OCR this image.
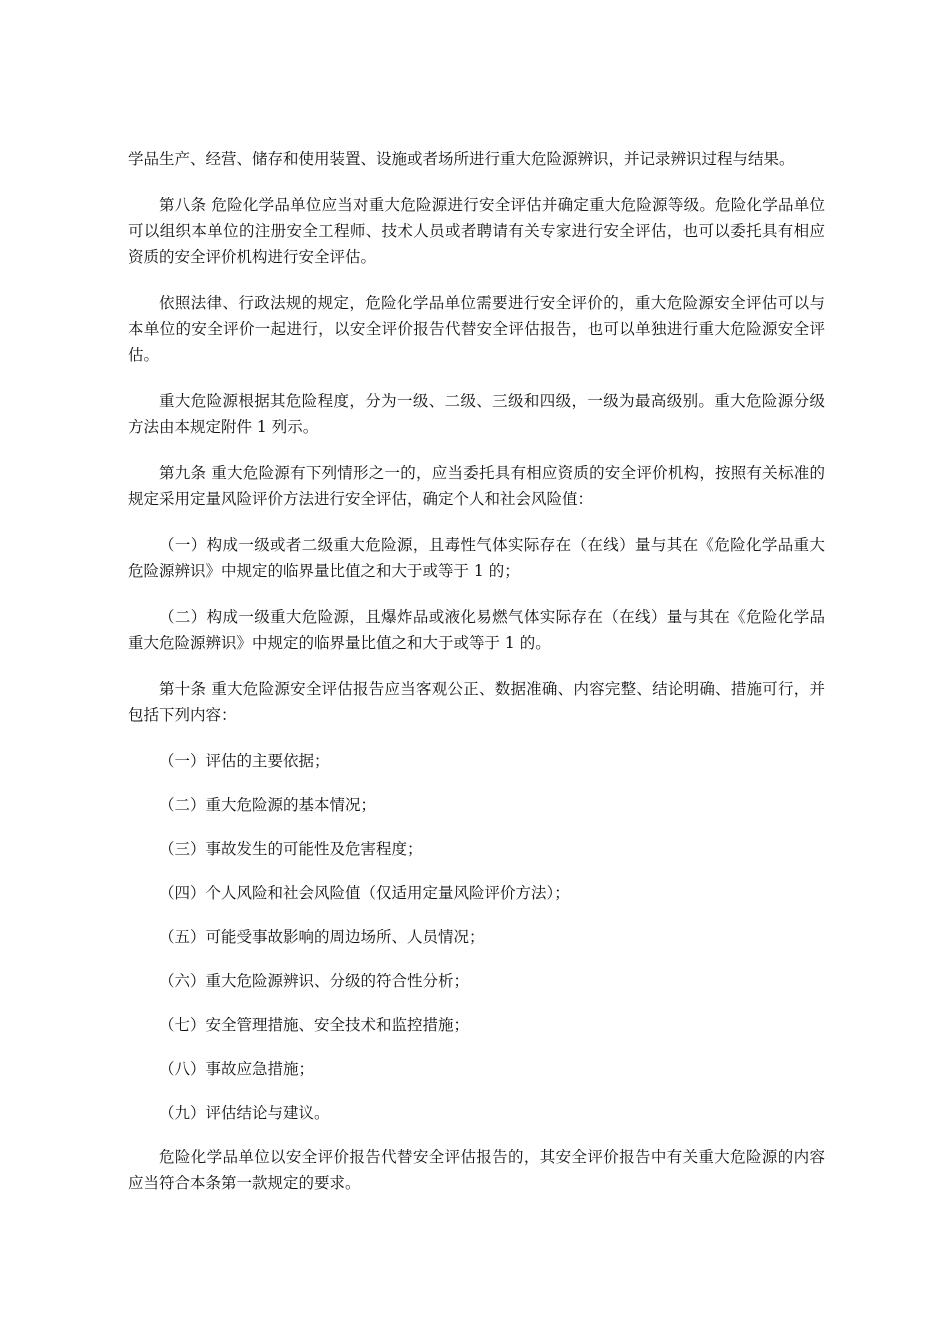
学品生产、经营、储存和使用装置、设施或者场所进行重大危险源辨识，并记录辨识过程与结果。

第八条 危险化学品单位应当对重大危险源进行安全评估并确定重大危险源等级。危险化学品单位可以组织本单位的注册安全工程师、技术人员或者聘请有关专家进行安全评估，也可以委托具有相应资质的安全评价机构进行安全评估。

依照法律、行政法规的规定，危险化学品单位需要进行安全评价的，重大危险源安全评估可以与本单位的安全评价一起进行，以安全评价报告代替安全评估报告，也可以单独进行重大危险源安全评估。

重大危险源根据其危险程度，分为一级、二级、三级和四级，一级为最高级别。重大危险源分级方法由本规定附件 1 列示。

第九条 重大危险源有下列情形之一的，应当委托具有相应资质的安全评价机构，按照有关标准的规定采用定量风险评价方法进行安全评估，确定个人和社会风险值：

（一）构成一级或者二级重大危险源，且毒性气体实际存在（在线）量与其在《危险化学品重大危险源辨识》中规定的临界量比值之和大于或等于 1 的；

（二）构成一级重大危险源，且爆炸品或液化易燃气体实际存在（在线）量与其在《危险化学品重大危险源辨识》中规定的临界量比值之和大于或等于 1 的。

第十条 重大危险源安全评估报告应当客观公正、数据准确、内容完整、结论明确、措施可行，并包括下列内容：

（一）评估的主要依据；

（二）重大危险源的基本情况；

（三）事故发生的可能性及危害程度；

（四）个人风险和社会风险值（仅适用定量风险评价方法）；

（五）可能受事故影响的周边场所、人员情况；

（六）重大危险源辨识、分级的符合性分析；

（七）安全管理措施、安全技术和监控措施；

（八）事故应急措施；

（九）评估结论与建议。

危险化学品单位以安全评价报告代替安全评估报告的，其安全评价报告中有关重大危险源的内容应当符合本条第一款规定的要求。
